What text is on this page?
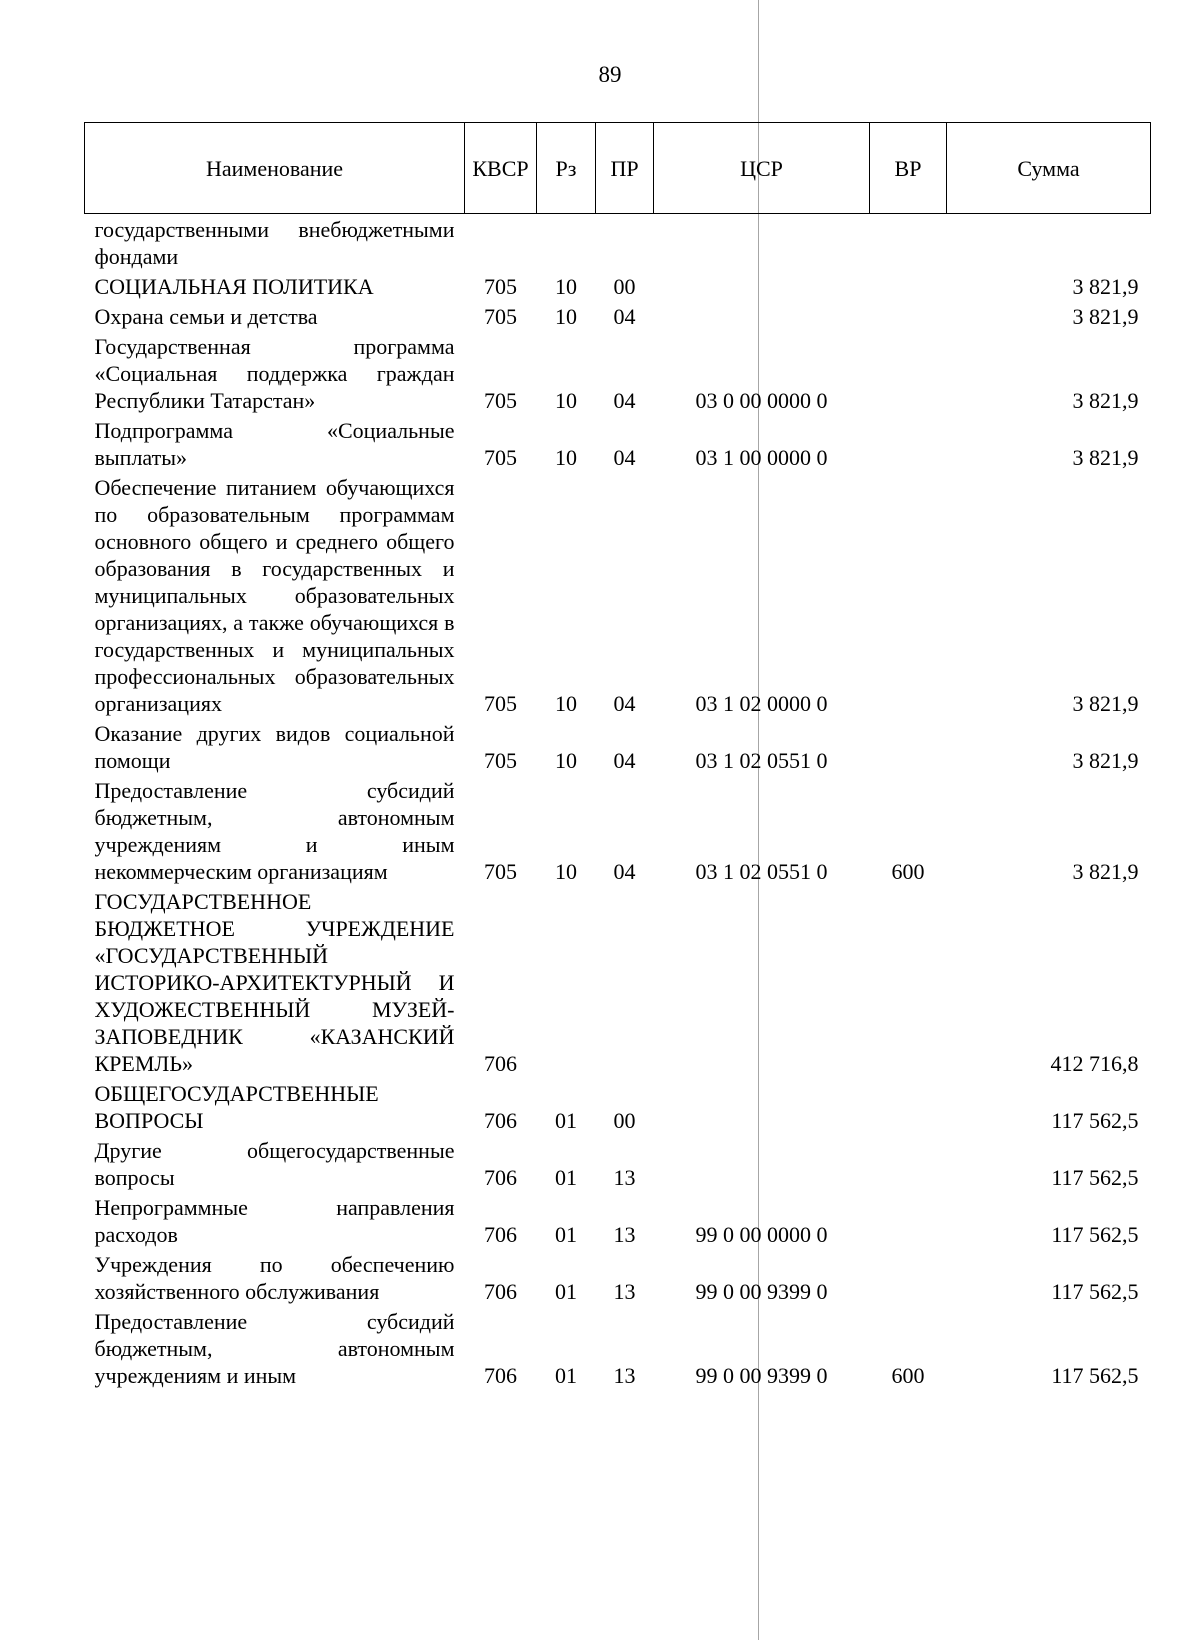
89
Наименование	КВСР	Рз	ПР	ЦСР	ВР	Сумма
государственными внебюджетными фондами						
СОЦИАЛЬНАЯ ПОЛИТИКА	705	10	00			3 821,9
Охрана семьи и детства	705	10	04			3 821,9
Государственная программа «Социальная поддержка граждан Республики Татарстан»	705	10	04	03 0 00 0000 0		3 821,9
Подпрограмма «Социальные выплаты»	705	10	04	03 1 00 0000 0		3 821,9
Обеспечение питанием обучающихся по образовательным программам основного общего и среднего общего образования в государственных и муниципальных образовательных организациях, а также обучающихся в государственных и муниципальных профессиональных образовательных организациях	705	10	04	03 1 02 0000 0		3 821,9
Оказание других видов социальной помощи	705	10	04	03 1 02 0551 0		3 821,9
Предоставление субсидий бюджетным, автономным учреждениям и иным некоммерческим организациям	705	10	04	03 1 02 0551 0	600	3 821,9
ГОСУДАРСТВЕННОЕ БЮДЖЕТНОЕ УЧРЕЖДЕНИЕ «ГОСУДАРСТВЕННЫЙ ИСТОРИКО-АРХИТЕКТУРНЫЙ И ХУДОЖЕСТВЕННЫЙ МУЗЕЙ-ЗАПОВЕДНИК «КАЗАНСКИЙ КРЕМЛЬ»	706					412 716,8
ОБЩЕГОСУДАРСТВЕННЫЕ ВОПРОСЫ	706	01	00			117 562,5
Другие общегосударственные вопросы	706	01	13			117 562,5
Непрограммные направления расходов	706	01	13	99 0 00 0000 0		117 562,5
Учреждения по обеспечению хозяйственного обслуживания	706	01	13	99 0 00 9399 0		117 562,5
Предоставление субсидий бюджетным, автономным учреждениям и иным	706	01	13	99 0 00 9399 0	600	117 562,5
